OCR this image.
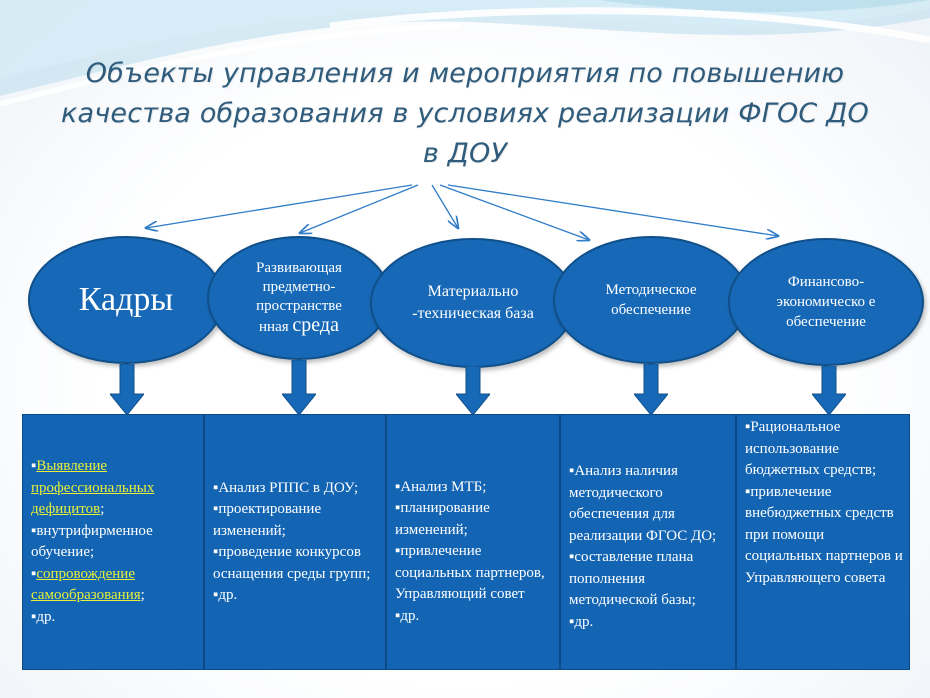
Объекты управления и мероприятия по повышению качества образования в условиях реализации ФГОС ДО в ДОУ
Кадры
Развивающая предметно-пространстве
нная среда
Материально -техническая база
Методическое обеспечение
Финансово-экономическо е обеспечение

▪Выявление профессиональных дефицитов;

▪внутрифирменное обучение;

▪сопровождение самообразования;

▪др.

▪Анализ РППС в ДОУ;

▪проектирование изменений;

▪проведение конкурсов оснащения среды групп;

▪др.

▪Анализ МТБ;

▪планирование изменений;

▪привлечение социальных партнеров, Управляющий совет

▪др.

▪Анализ наличия методического обеспечения для реализации ФГОС ДО;

▪составление плана пополнения методической базы;

▪др.

▪Рациональное использование бюджетных средств;

▪привлечение внебюджетных средств при помощи социальных партнеров и Управляющего совета
